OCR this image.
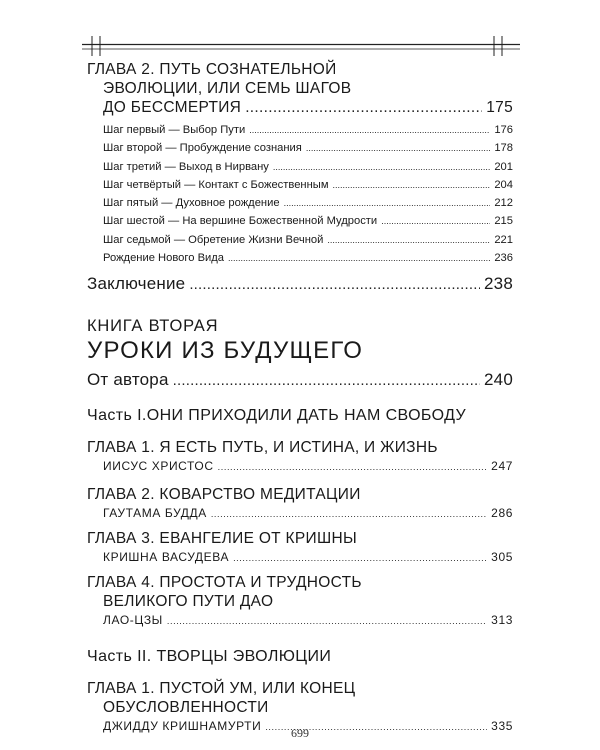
ГЛАВА 2. ПУТЬ СОЗНАТЕЛЬНОЙ
ЭВОЛЮЦИИ, ИЛИ СЕМЬ ШАГОВ
ДО БЕССМЕРТИЯ .....	175
Шаг первый — Выбор Пути .....	176
Шаг второй — Пробуждение сознания .....	178
Шаг третий — Выход в Нирвану .....	201
Шаг четвёртый — Контакт с Божественным .....	204
Шаг пятый — Духовное рождение .....	212
Шаг шестой — На вершине Божественной Мудрости .....	215
Шаг седьмой — Обретение Жизни Вечной .....	221
Рождение Нового Вида .....	236
Заключение .....	238
КНИГА ВТОРАЯ
УРОКИ ИЗ БУДУЩЕГО
От автора .....	240
Часть I.ОНИ ПРИХОДИЛИ ДАТЬ НАМ СВОБОДУ
ГЛАВА 1. Я ЕСТЬ ПУТЬ, И ИСТИНА, И ЖИЗНЬ
ИИСУС ХРИСТОС .....	247
ГЛАВА 2. КОВАРСТВО МЕДИТАЦИИ
ГАУТАМА БУДДА .....	286
ГЛАВА 3. ЕВАНГЕЛИЕ ОТ КРИШНЫ
КРИШНА ВАСУДЕВА .....	305
ГЛАВА 4. ПРОСТОТА И ТРУДНОСТЬ
ВЕЛИКОГО ПУТИ ДАО
ЛАО-ЦЗЫ .....	313
Часть II. ТВОРЦЫ ЭВОЛЮЦИИ
ГЛАВА 1. ПУСТОЙ УМ, ИЛИ КОНЕЦ
ОБУСЛОВЛЕННОСТИ
ДЖИДДУ КРИШНАМУРТИ .....	335
699
